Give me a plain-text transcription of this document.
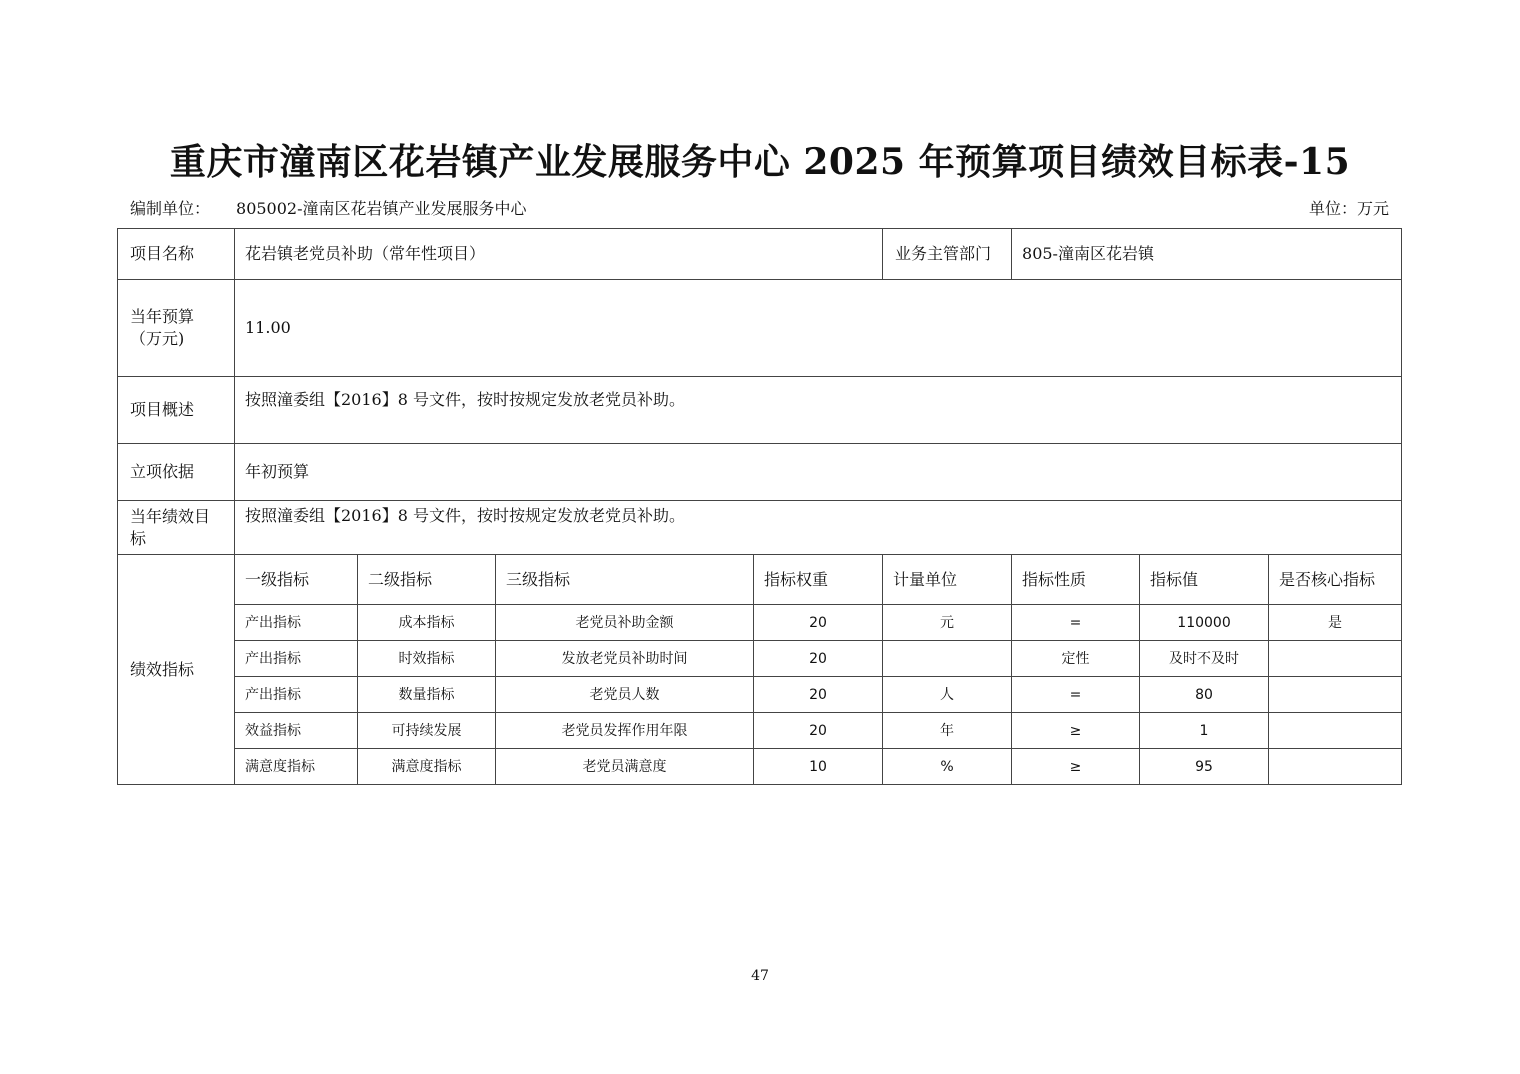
重庆市潼南区花岩镇产业发展服务中心 2025 年预算项目绩效目标表-15
编制单位： 805002-潼南区花岩镇产业发展服务中心	单位：万元
项目名称	花岩镇老党员补助（常年性项目）				业务主管部门	805-潼南区花岩镇		
当年预算（万元)	11.00							
项目概述	按照潼委组【2016】8 号文件，按时按规定发放老党员补助。							
立项依据	年初预算							
当年绩效目标	按照潼委组【2016】8 号文件，按时按规定发放老党员补助。							
绩效指标	一级指标	二级指标	三级指标	指标权重	计量单位	指标性质	指标值	是否核心指标
	产出指标	成本指标	老党员补助金额	20	元	=	110000	是
	产出指标	时效指标	发放老党员补助时间	20		定性	及时不及时	
	产出指标	数量指标	老党员人数	20	人	=	80	
	效益指标	可持续发展	老党员发挥作用年限	20	年	≥	1	
	满意度指标	满意度指标	老党员满意度	10	%	≥	95	
47
